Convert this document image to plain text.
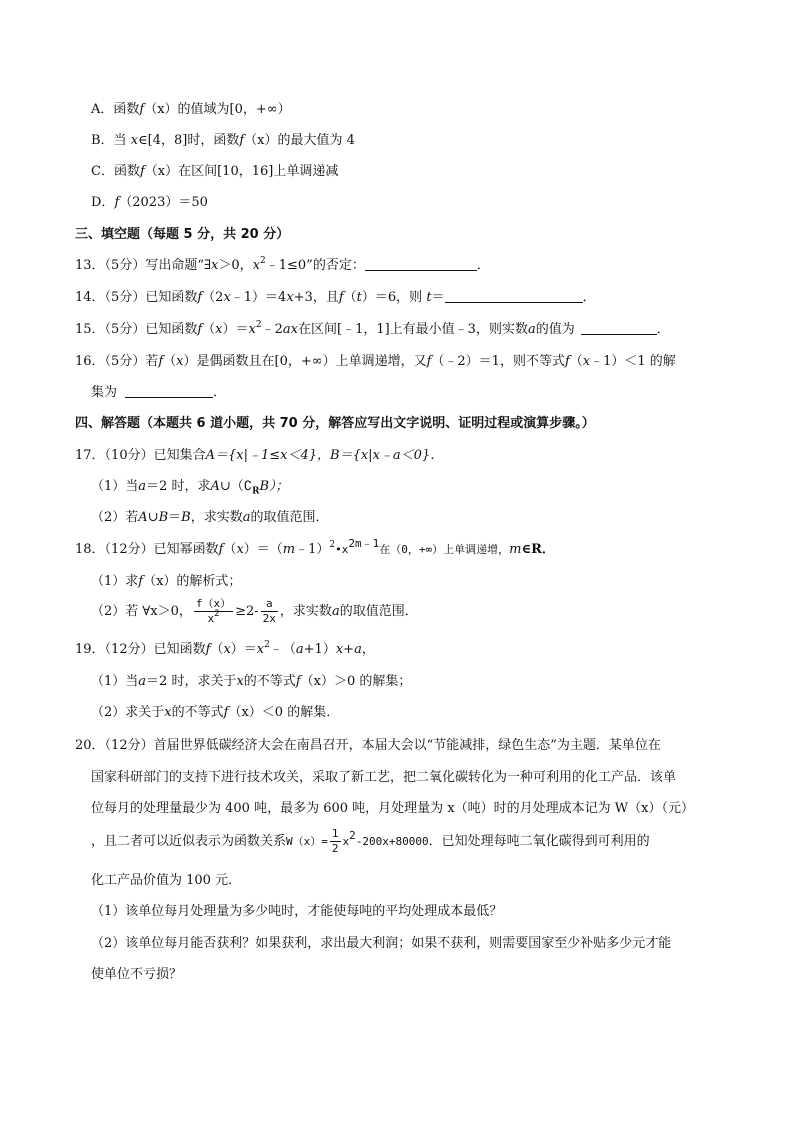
A．函数f（x）的值域为[0，+∞）
B．当 x∈[4，8]时，函数f（x）的最大值为 4
C．函数f（x）在区间[10，16]上单调递减
D．f（2023）＝50
三、填空题（每题 5 分，共 20 分）
13．（5分）写出命题“∃x＞0，$x^2﹣1\le 0$”的否定：	．
14．（5分）已知函数f（2x﹣1）＝4x+3，且f（t）＝6，则 t＝	．
15．（5分）已知函数$f(x)=x^2﹣2ax$在区间[﹣1，1]上有最小值﹣3，则实数a的值为	．
16．（5分）若f（x）是偶函数且在[0，+∞）上单调递增，又f（﹣2）＝1，则不等式f（x﹣1）＜1 的解
集为	．
四、解答题（本题共 6 道小题，共 70 分，解答应写出文字说明、证明过程或演算步骤。）
17．（10分）已知集合A＝{x|﹣1≤x＜4}，B＝{x|x﹣a＜0}．
（1）当a＝2 时，求$A\cup(∁_RB)$；
（2）若A∪B＝B，求实数a的取值范围．
18．（12分）已知幂函数$f(x)=(m﹣1)^2•x^{2m﹣1}$在（0，+∞）上单调递增，m∈R．
（1）求f（x）的解析式；
（2）若 ∀x＞0， $\frac{f(x)}{x^2} \ge 2- \frac{a}{2x}$ ，求实数a的取值范围．
19．（12分）已知函数$f(x)=x^2﹣(a+1)x+a$，
（1）当a＝2 时，求关于x的不等式f（x）＞0 的解集；
（2）求关于x的不等式f（x）＜0 的解集．
20．（12分）首届世界低碳经济大会在南昌召开，本届大会以“节能减排，绿色生态”为主题．某单位在
国家科研部门的支持下进行技术攻关，采取了新工艺，把二氧化碳转化为一种可利用的化工产品．该单
位每月的处理量最少为 400 吨，最多为 600 吨，月处理量为 x（吨）时的月处理成本记为 W（x）（元）
，且二者可以近似表示为函数关系$W(x)= \frac{1}{2} x^2-200x+80000$．已知处理每吨二氧化碳得到可利用的
化工产品价值为 100 元．
（1）该单位每月处理量为多少吨时，才能使每吨的平均处理成本最低？
（2）该单位每月能否获利？如果获利，求出最大利润；如果不获利，则需要国家至少补贴多少元才能
使单位不亏损？
